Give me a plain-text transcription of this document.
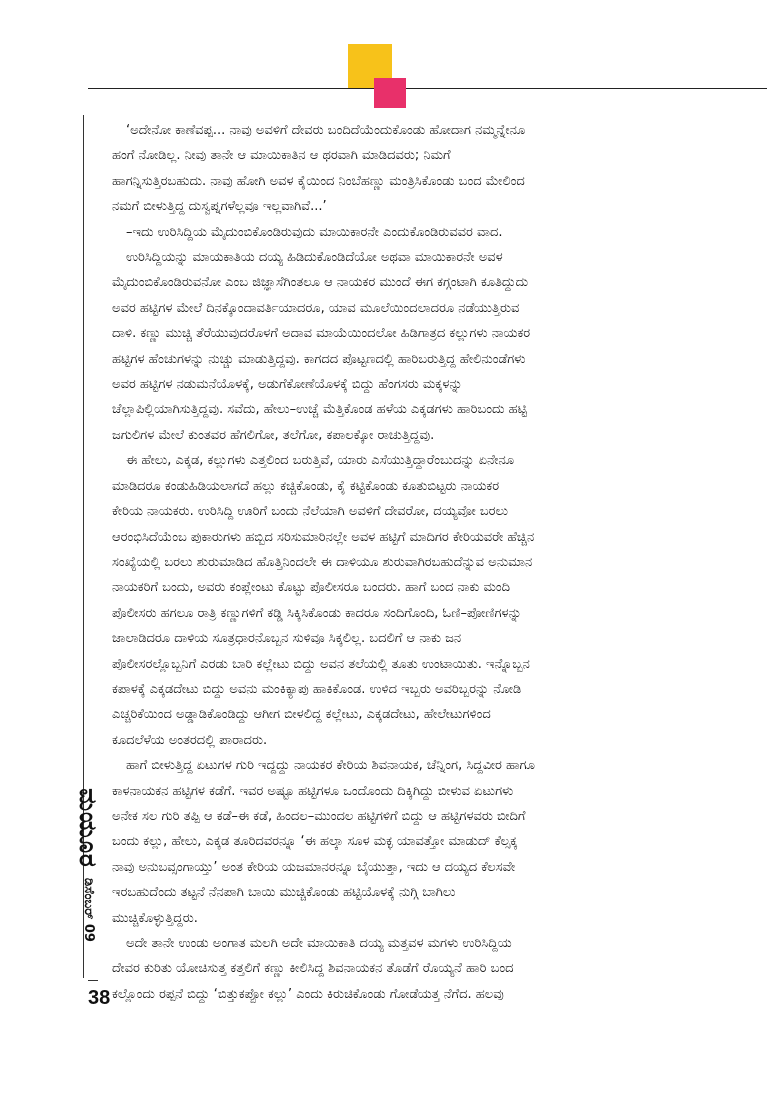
ಮಯೂರ
ಡಿಸೆಂಬರ್ 09

‘ಅದೇನೋ ಕಾಣೆವಪ್ಪ... ನಾವು ಅವಳಿಗೆ ದೇವರು ಬಂದಿದೆಯೆಂದುಕೊಂಡು ಹೋದಾಗ ನಮ್ಮನ್ನೇನೂ

ಹಂಗೆ ನೋಡಿಲ್ಲ. ನೀವು ತಾನೇ ಆ ಮಾಯಿಕಾತಿನ ಆ ಥರವಾಗಿ ಮಾಡಿದವರು; ನಿಮಗೆ

ಹಾಗನ್ನಿಸುತ್ತಿರಬಹುದು. ನಾವು ಹೋಗಿ ಅವಳ ಕೈಯಿಂದ ನಿಂಬೆಹಣ್ಣು ಮಂತ್ರಿಸಿಕೊಂಡು ಬಂದ ಮೇಲಿಂದ

ನಮಗೆ ಬೀಳುತ್ತಿದ್ದ ದುಸ್ವಪ್ನಗಳೆಲ್ಲವೂ ಇಲ್ಲವಾಗಿವೆ...’

–ಇದು ಉರಿಸಿದ್ದಿಯ ಮೈದುಂಬಿಕೊಂಡಿರುವುದು ಮಾಯಿಕಾರನೇ ಎಂದುಕೊಂಡಿರುವವರ ವಾದ.

ಉರಿಸಿದ್ದಿಯನ್ನು ಮಾಯಕಾತಿಯ ದಯ್ಯ ಹಿಡಿದುಕೊಂಡಿದೆಯೋ ಅಥವಾ ಮಾಯಿಕಾರನೇ ಅವಳ

ಮೈದುಂಬಿಕೊಂಡಿರುವನೋ ಎಂಬ ಜಿಜ್ಞಾಸೆಗಿಂತಲೂ ಆ ನಾಯಕರ ಮುಂದೆ ಈಗ ಕಗ್ಗಂಟಾಗಿ ಕೂತಿದ್ದುದು

ಅವರ ಹಟ್ಟಿಗಳ ಮೇಲೆ ದಿನಕ್ಕೊಂದಾವರ್ತಿಯಾದರೂ, ಯಾವ ಮೂಲೆಯಿಂದಲಾದರೂ ನಡೆಯುತ್ತಿರುವ

ದಾಳಿ. ಕಣ್ಣು ಮುಚ್ಚಿ ತೆರೆಯುವುದರೊಳಗೆ ಅದಾವ ಮಾಯೆಯಿಂದಲೋ ಹಿಡಿಗಾತ್ರದ ಕಲ್ಲುಗಳು ನಾಯಕರ

ಹಟ್ಟಿಗಳ ಹೆಂಚುಗಳನ್ನು ನುಚ್ಚು ಮಾಡುತ್ತಿದ್ದವು. ಕಾಗದದ ಪೊಟ್ಟಣದಲ್ಲಿ ಹಾರಿಬರುತ್ತಿದ್ದ ಹೇಲಿನುಂಡೆಗಳು

ಅವರ ಹಟ್ಟಿಗಳ ನಡುಮನೆಯೊಳಕ್ಕೆ, ಅಡುಗೆಕೋಣೆಯೊಳಕ್ಕೆ ಬಿದ್ದು ಹೆಂಗಸರು ಮಕ್ಕಳನ್ನು

ಚೆಲ್ಲಾಪಿಲ್ಲಿಯಾಗಿಸುತ್ತಿದ್ದವು. ಸವೆದು, ಹೇಲು–ಉಚ್ಚೆ ಮೆತ್ತಿಕೊಂಡ ಹಳೆಯ ಎಕ್ಕಡಗಳು ಹಾರಿಬಂದು ಹಟ್ಟಿ

ಜಗುಲಿಗಳ ಮೇಲೆ ಕುಂತವರ ಹೆಗಲಿಗೋ, ತಲೆಗೋ, ಕಪಾಲಕ್ಕೋ ರಾಚುತ್ತಿದ್ದವು.

ಈ ಹೇಲು, ಎಕ್ಕಡ, ಕಲ್ಲುಗಳು ಎತ್ತಲಿಂದ ಬರುತ್ತಿವೆ, ಯಾರು ಎಸೆಯುತ್ತಿದ್ದಾರೆಂಬುದನ್ನು ಏನೇನೂ

ಮಾಡಿದರೂ ಕಂಡುಹಿಡಿಯಲಾಗದೆ ಹಲ್ಲು ಕಚ್ಚಿಕೊಂಡು, ಕೈ ಕಟ್ಟಿಕೊಂಡು ಕೂತುಬಿಟ್ಟರು ನಾಯಕರ

ಕೇರಿಯ ನಾಯಕರು. ಉರಿಸಿದ್ದಿ ಊರಿಗೆ ಬಂದು ನೆಲೆಯಾಗಿ ಅವಳಿಗೆ ದೇವರೋ, ದಯ್ಯವೋ ಬರಲು

ಆರಂಭಿಸಿದೆಯೆಂಬ ಪುಕಾರುಗಳು ಹಬ್ಬಿದ ಸರಿಸುಮಾರಿನಲ್ಲೇ ಅವಳ ಹಟ್ಟಿಗೆ ಮಾದಿಗರ ಕೇರಿಯವರೇ ಹೆಚ್ಚಿನ

ಸಂಖ್ಯೆಯಲ್ಲಿ ಬರಲು ಶುರುಮಾಡಿದ ಹೊತ್ತಿನಿಂದಲೇ ಈ ದಾಳಿಯೂ ಶುರುವಾಗಿರಬಹುದೆನ್ನುವ ಅನುಮಾನ

ನಾಯಕರಿಗೆ ಬಂದು, ಅವರು ಕಂಪ್ಲೇಂಟು ಕೊಟ್ಟು ಪೊಲೀಸರೂ ಬಂದರು. ಹಾಗೆ ಬಂದ ನಾಕು ಮಂದಿ

ಪೊಲೀಸರು ಹಗಲೂ ರಾತ್ರಿ ಕಣ್ಣುಗಳಿಗೆ ಕಡ್ಡಿ ಸಿಕ್ಕಿಸಿಕೊಂಡು ಕಾದರೂ ಸಂದಿಗೊಂದಿ, ಓಣಿ–ಪೋಣಿಗಳನ್ನು

ಜಾಲಾಡಿದರೂ ದಾಳಿಯ ಸೂತ್ರಧಾರನೊಬ್ಬನ ಸುಳಿವೂ ಸಿಕ್ಕಲಿಲ್ಲ. ಬದಲಿಗೆ ಆ ನಾಕು ಜನ

ಪೊಲೀಸರಲ್ಲೊಬ್ಬನಿಗೆ ಎರಡು ಬಾರಿ ಕಲ್ಲೇಟು ಬಿದ್ದು ಅವನ ತಲೆಯಲ್ಲಿ ತೂತು ಉಂಟಾಯಿತು. ಇನ್ನೊಬ್ಬನ

ಕಪಾಳಕ್ಕೆ ಎಕ್ಕಡದೇಟು ಬಿದ್ದು ಅವನು ಮಂಕಿಕ್ಯಾಪು ಹಾಕಿಕೊಂಡ. ಉಳಿದ ಇಬ್ಬರು ಅವರಿಬ್ಬರನ್ನು ನೋಡಿ

ಎಚ್ಚರಿಕೆಯಿಂದ ಅಡ್ಡಾಡಿಕೊಂಡಿದ್ದು ಆಗೀಗ ಬೀಳಲಿದ್ದ ಕಲ್ಲೇಟು, ಎಕ್ಕಡದೇಟು, ಹೇಲೇಟುಗಳಿಂದ

ಕೂದಲೆಳೆಯ ಅಂತರದಲ್ಲಿ ಪಾರಾದರು.

ಹಾಗೆ ಬೀಳುತ್ತಿದ್ದ ಏಟುಗಳ ಗುರಿ ಇದ್ದದ್ದು ನಾಯಕರ ಕೇರಿಯ ಶಿವನಾಯಕ, ಚೆನ್ನಿಂಗ, ಸಿದ್ದವೀರ ಹಾಗೂ

ಕಾಳನಾಯಕನ ಹಟ್ಟಿಗಳ ಕಡೆಗೆ. ಇವರ ಅಷ್ಟೂ ಹಟ್ಟಿಗಳೂ ಒಂದೊಂದು ದಿಕ್ಕಿಗಿದ್ದು ಬೀಳುವ ಏಟುಗಳು

ಅನೇಕ ಸಲ ಗುರಿ ತಪ್ಪಿ ಆ ಕಡೆ–ಈ ಕಡೆ, ಹಿಂದಲ–ಮುಂದಲ ಹಟ್ಟಿಗಳಿಗೆ ಬಿದ್ದು ಆ ಹಟ್ಟಿಗಳವರು ಬೀದಿಗೆ

ಬಂದು ಕಲ್ಲು, ಹೇಲು, ಎಕ್ಕಡ ತೂರಿದವರನ್ನೂ ‘ಈ ಹಲ್ಕಾ ಸೂಳ ಮಕ್ಳ ಯಾವತ್ತೋ ಮಾಡುದ್ ಕೆಲ್ಸಕ್ಕ

ನಾವು ಅನುಬವ್ಸಂಗಾಯ್ತು’ ಅಂತ ಕೇರಿಯ ಯಜಮಾನರನ್ನೂ ಬೈಯುತ್ತಾ, ಇದು ಆ ದಯ್ಯದ ಕೆಲಸವೇ

ಇರಬಹುದೆಂದು ತಟ್ಟನೆ ನೆನಪಾಗಿ ಬಾಯಿ ಮುಚ್ಚಿಕೊಂಡು ಹಟ್ಟಿಯೊಳಕ್ಕೆ ನುಗ್ಗಿ ಬಾಗಿಲು

ಮುಚ್ಚಿಕೊಳ್ಳುತ್ತಿದ್ದರು.

ಅದೇ ತಾನೇ ಉಂಡು ಅಂಗಾತ ಮಲಗಿ ಅದೇ ಮಾಯಿಕಾತಿ ದಯ್ಯ ಮತ್ತವಳ ಮಗಳು ಉರಿಸಿದ್ದಿಯ

ದೇವರ ಕುರಿತು ಯೋಚಿಸುತ್ತ ಕತ್ತಲಿಗೆ ಕಣ್ಣು ಕೀಲಿಸಿದ್ದ ಶಿವನಾಯಕನ ತೊಡೆಗೆ ರೊಯ್ಯನೆ ಹಾರಿ ಬಂದ

ಕಲ್ಲೊಂದು ರಪ್ಪನೆ ಬಿದ್ದು ‘ಬಿತ್ತುಕಪ್ಪೋ ಕಲ್ಲು’ ಎಂದು ಕಿರುಚಿಕೊಂಡು ಗೋಡೆಯತ್ತ ನೆಗೆದ. ಹಲವು

38
